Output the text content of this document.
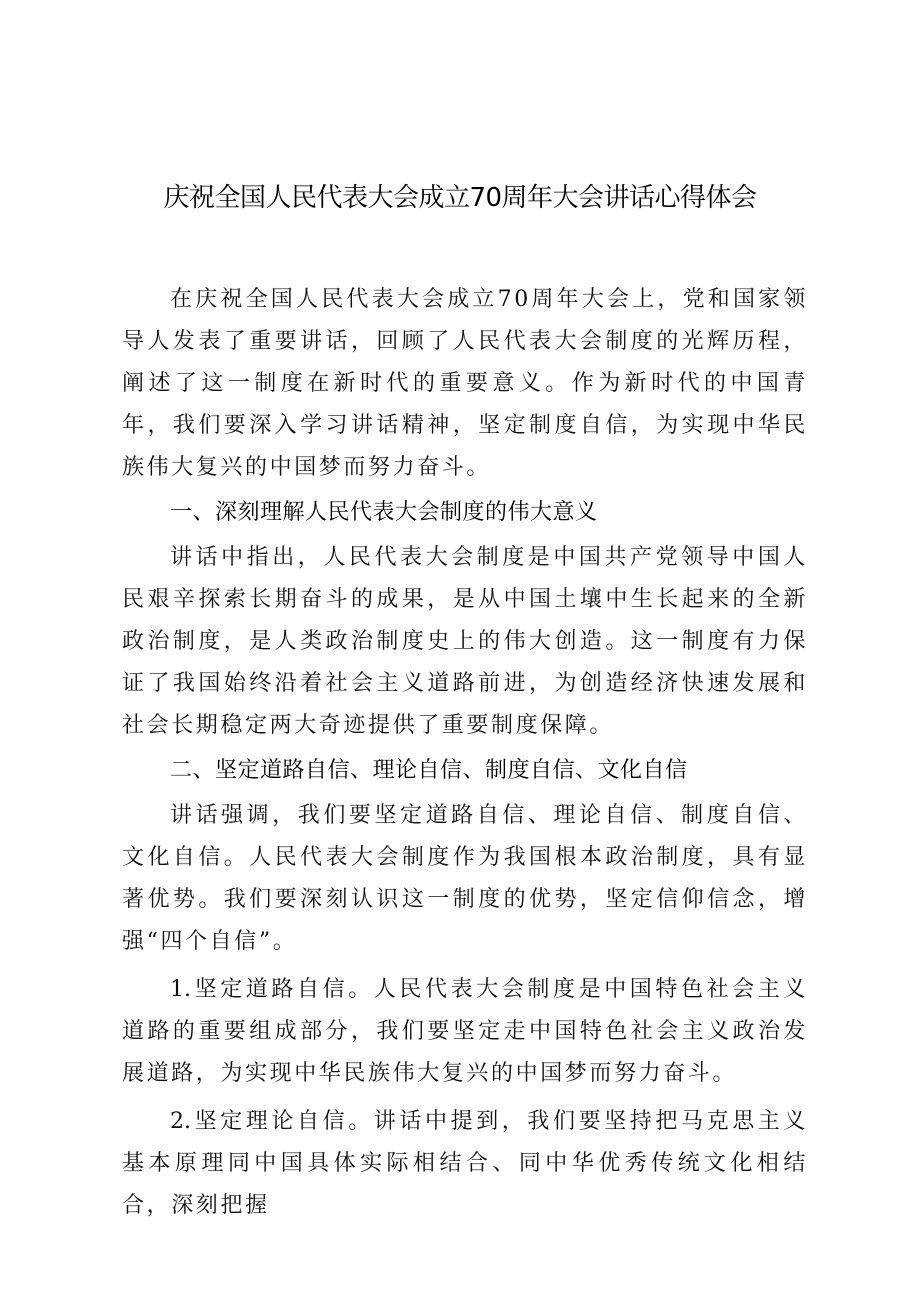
庆祝全国人民代表大会成立70周年大会讲话心得体会

在庆祝全国人民代表大会成立70周年大会上，党和国家领导人发表了重要讲话，回顾了人民代表大会制度的光辉历程，阐述了这一制度在新时代的重要意义。作为新时代的中国青年，我们要深入学习讲话精神，坚定制度自信，为实现中华民族伟大复兴的中国梦而努力奋斗。

一、深刻理解人民代表大会制度的伟大意义

讲话中指出，人民代表大会制度是中国共产党领导中国人民艰辛探索长期奋斗的成果，是从中国土壤中生长起来的全新政治制度，是人类政治制度史上的伟大创造。这一制度有力保证了我国始终沿着社会主义道路前进，为创造经济快速发展和社会长期稳定两大奇迹提供了重要制度保障。

二、坚定道路自信、理论自信、制度自信、文化自信

讲话强调，我们要坚定道路自信、理论自信、制度自信、文化自信。人民代表大会制度作为我国根本政治制度，具有显著优势。我们要深刻认识这一制度的优势，坚定信仰信念，增强“四个自信”。

1.坚定道路自信。人民代表大会制度是中国特色社会主义道路的重要组成部分，我们要坚定走中国特色社会主义政治发展道路，为实现中华民族伟大复兴的中国梦而努力奋斗。

2.坚定理论自信。讲话中提到，我们要坚持把马克思主义基本原理同中国具体实际相结合、同中华优秀传统文化相结合，深刻把握
